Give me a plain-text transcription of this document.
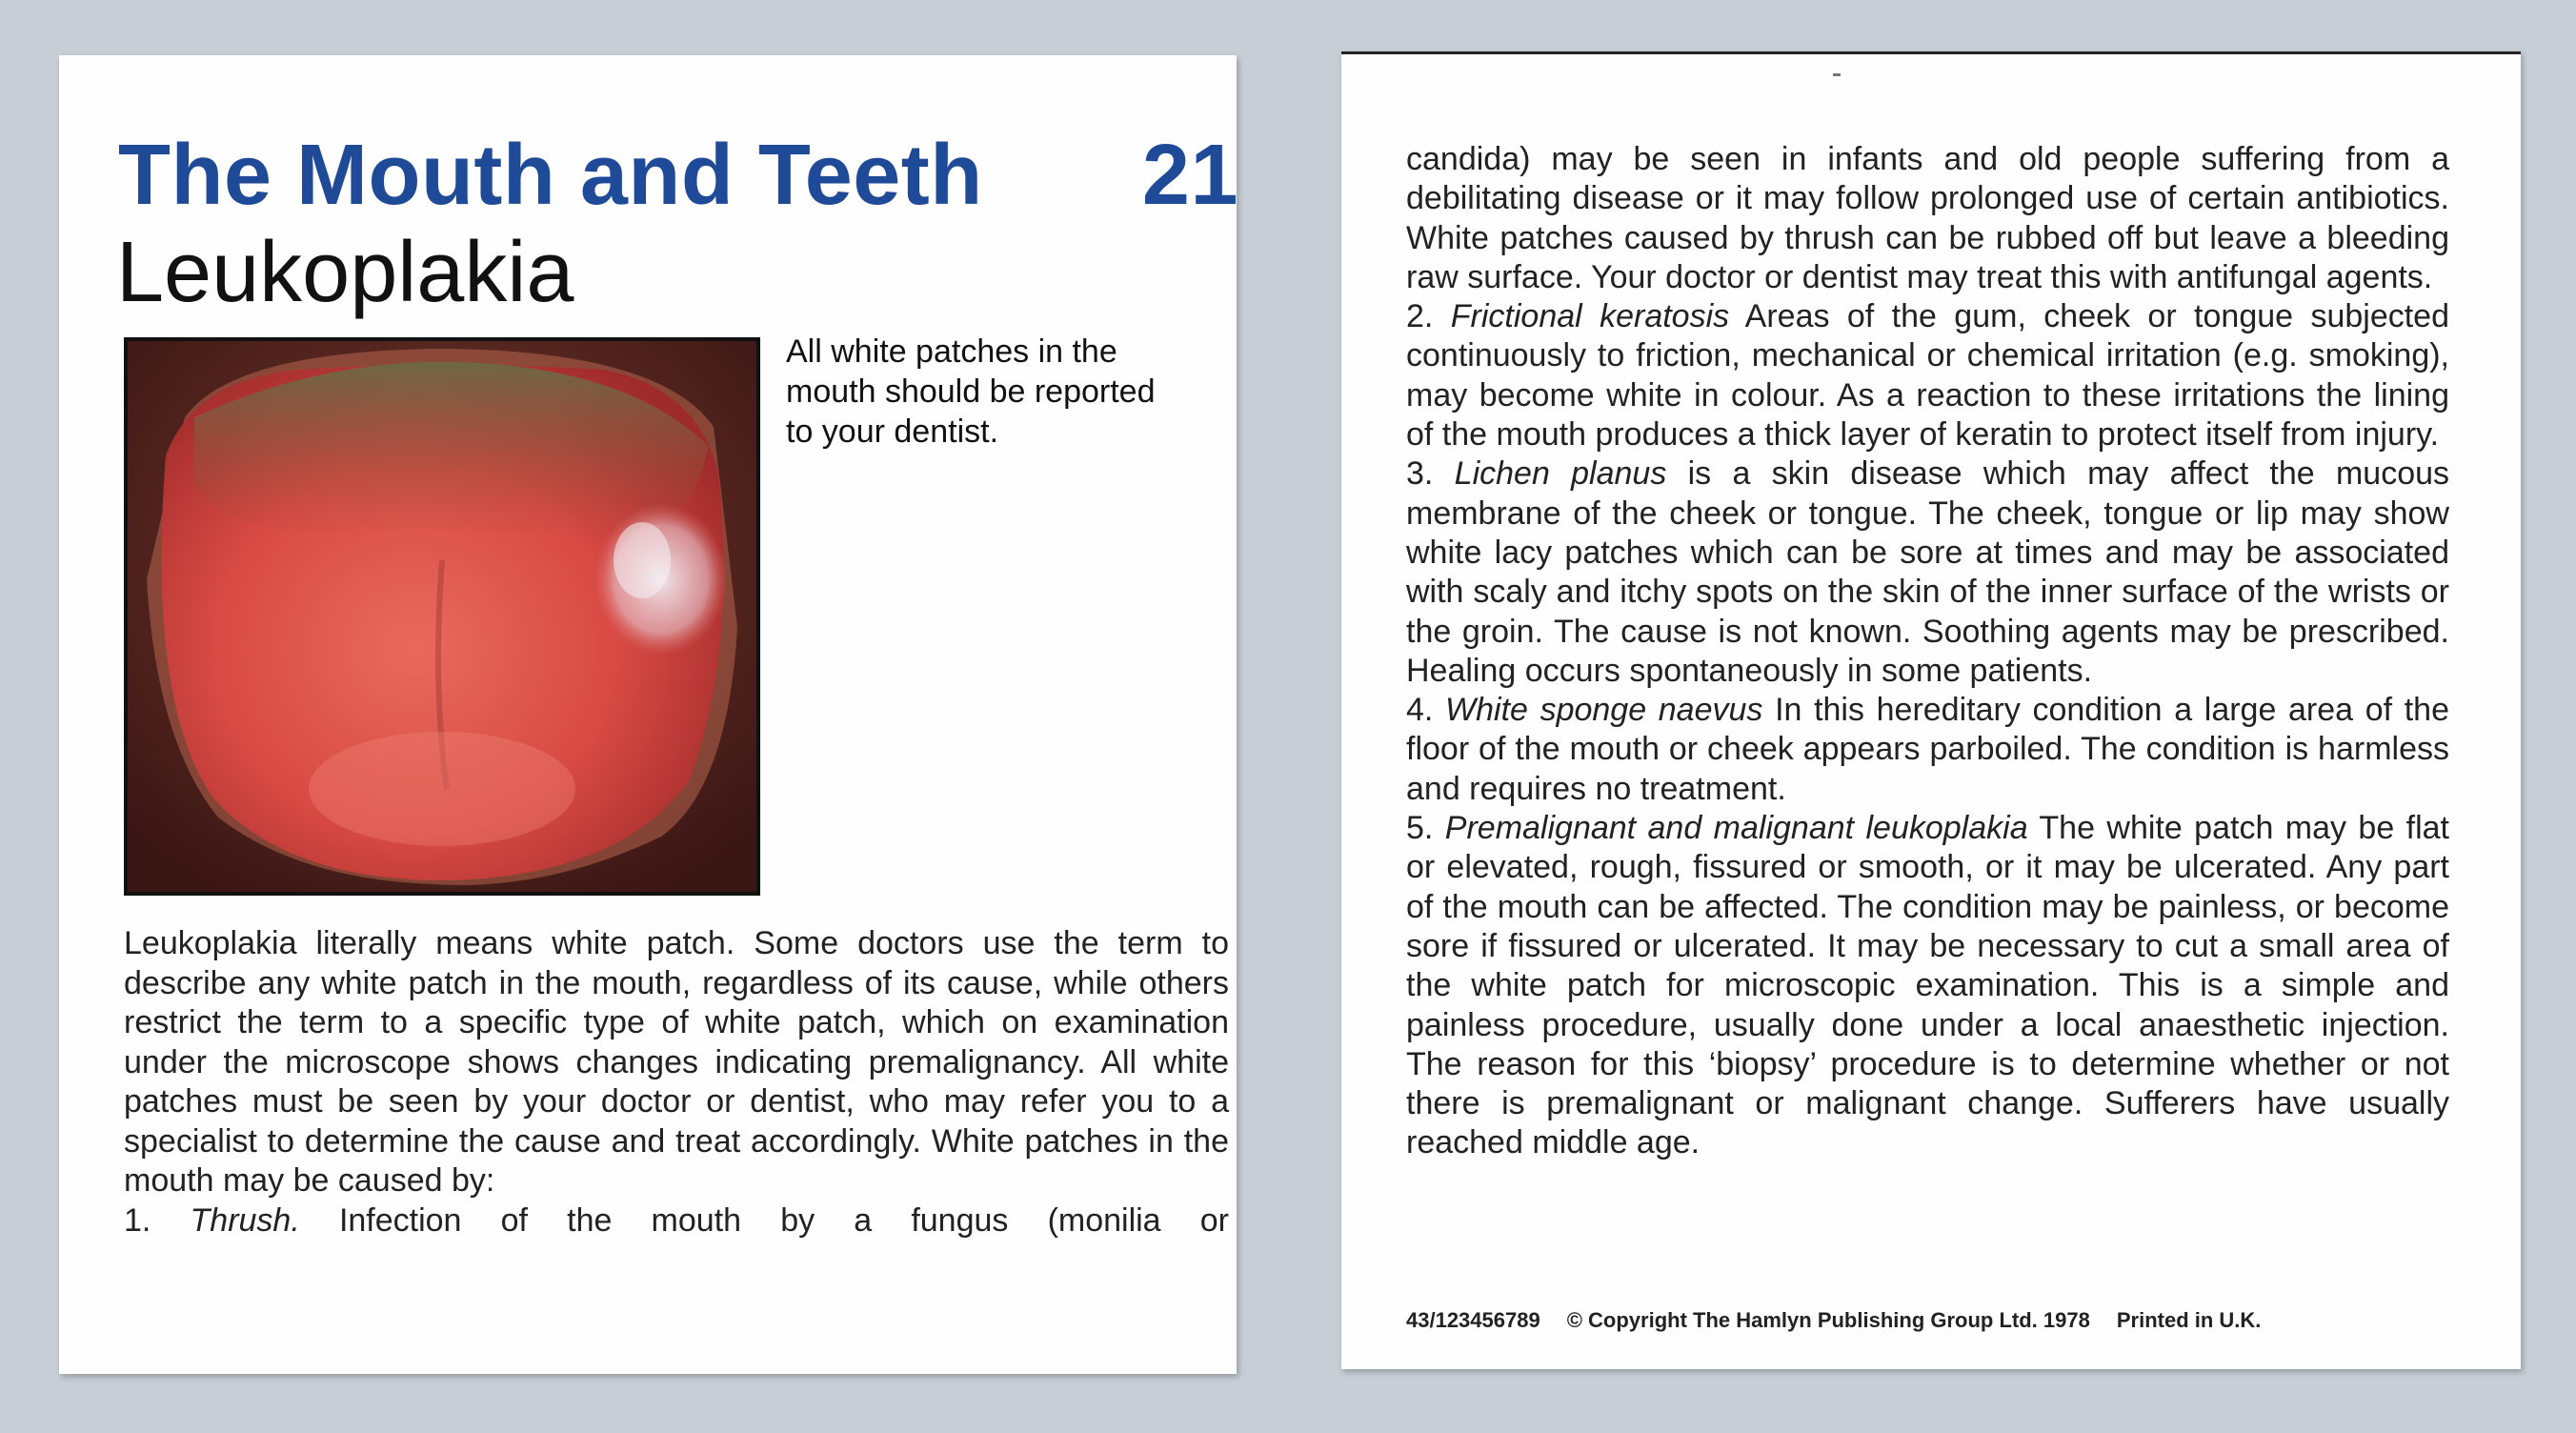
The Mouth and Teeth 21
Leukoplakia
All white patches in the mouth should be reported to your dentist.

Leukoplakia literally means white patch. Some doctors use the term to describe any white patch in the mouth, regardless of its cause, while others restrict the term to a specific type of white patch, which on examination under the microscope shows changes indicating premalignancy. All white patches must be seen by your doctor or dentist, who may refer you to a specialist to determine the cause and treat accordingly. White patches in the mouth may be caused by:

1. Thrush. Infection of the mouth by a fungus (monilia or

candida) may be seen in infants and old people suffering from a debilitating disease or it may follow prolonged use of certain antibiotics. White patches caused by thrush can be rubbed off but leave a bleeding raw surface. Your doctor or dentist may treat this with antifungal agents.

2. Frictional keratosis Areas of the gum, cheek or tongue subjected continuously to friction, mechanical or chemical irritation (e.g. smoking), may become white in colour. As a reaction to these irritations the lining of the mouth produces a thick layer of keratin to protect itself from injury.

3. Lichen planus is a skin disease which may affect the mucous membrane of the cheek or tongue. The cheek, tongue or lip may show white lacy patches which can be sore at times and may be associated with scaly and itchy spots on the skin of the inner surface of the wrists or the groin. The cause is not known. Soothing agents may be prescribed. Healing occurs spontaneously in some patients.

4. White sponge naevus In this hereditary condition a large area of the floor of the mouth or cheek appears parboiled. The condition is harmless and requires no treatment.

5. Premalignant and malignant leukoplakia The white patch may be flat or elevated, rough, fissured or smooth, or it may be ulcerated. Any part of the mouth can be affected. The condition may be painless, or become sore if fissured or ulcerated. It may be necessary to cut a small area of the white patch for microscopic examination. This is a simple and painless procedure, usually done under a local anaesthetic injection. The reason for this ‘biopsy’ procedure is to determine whether or not there is premalignant or malignant change. Sufferers have usually reached middle age.

43/123456789 © Copyright The Hamlyn Publishing Group Ltd. 1978 Printed in U.K.
